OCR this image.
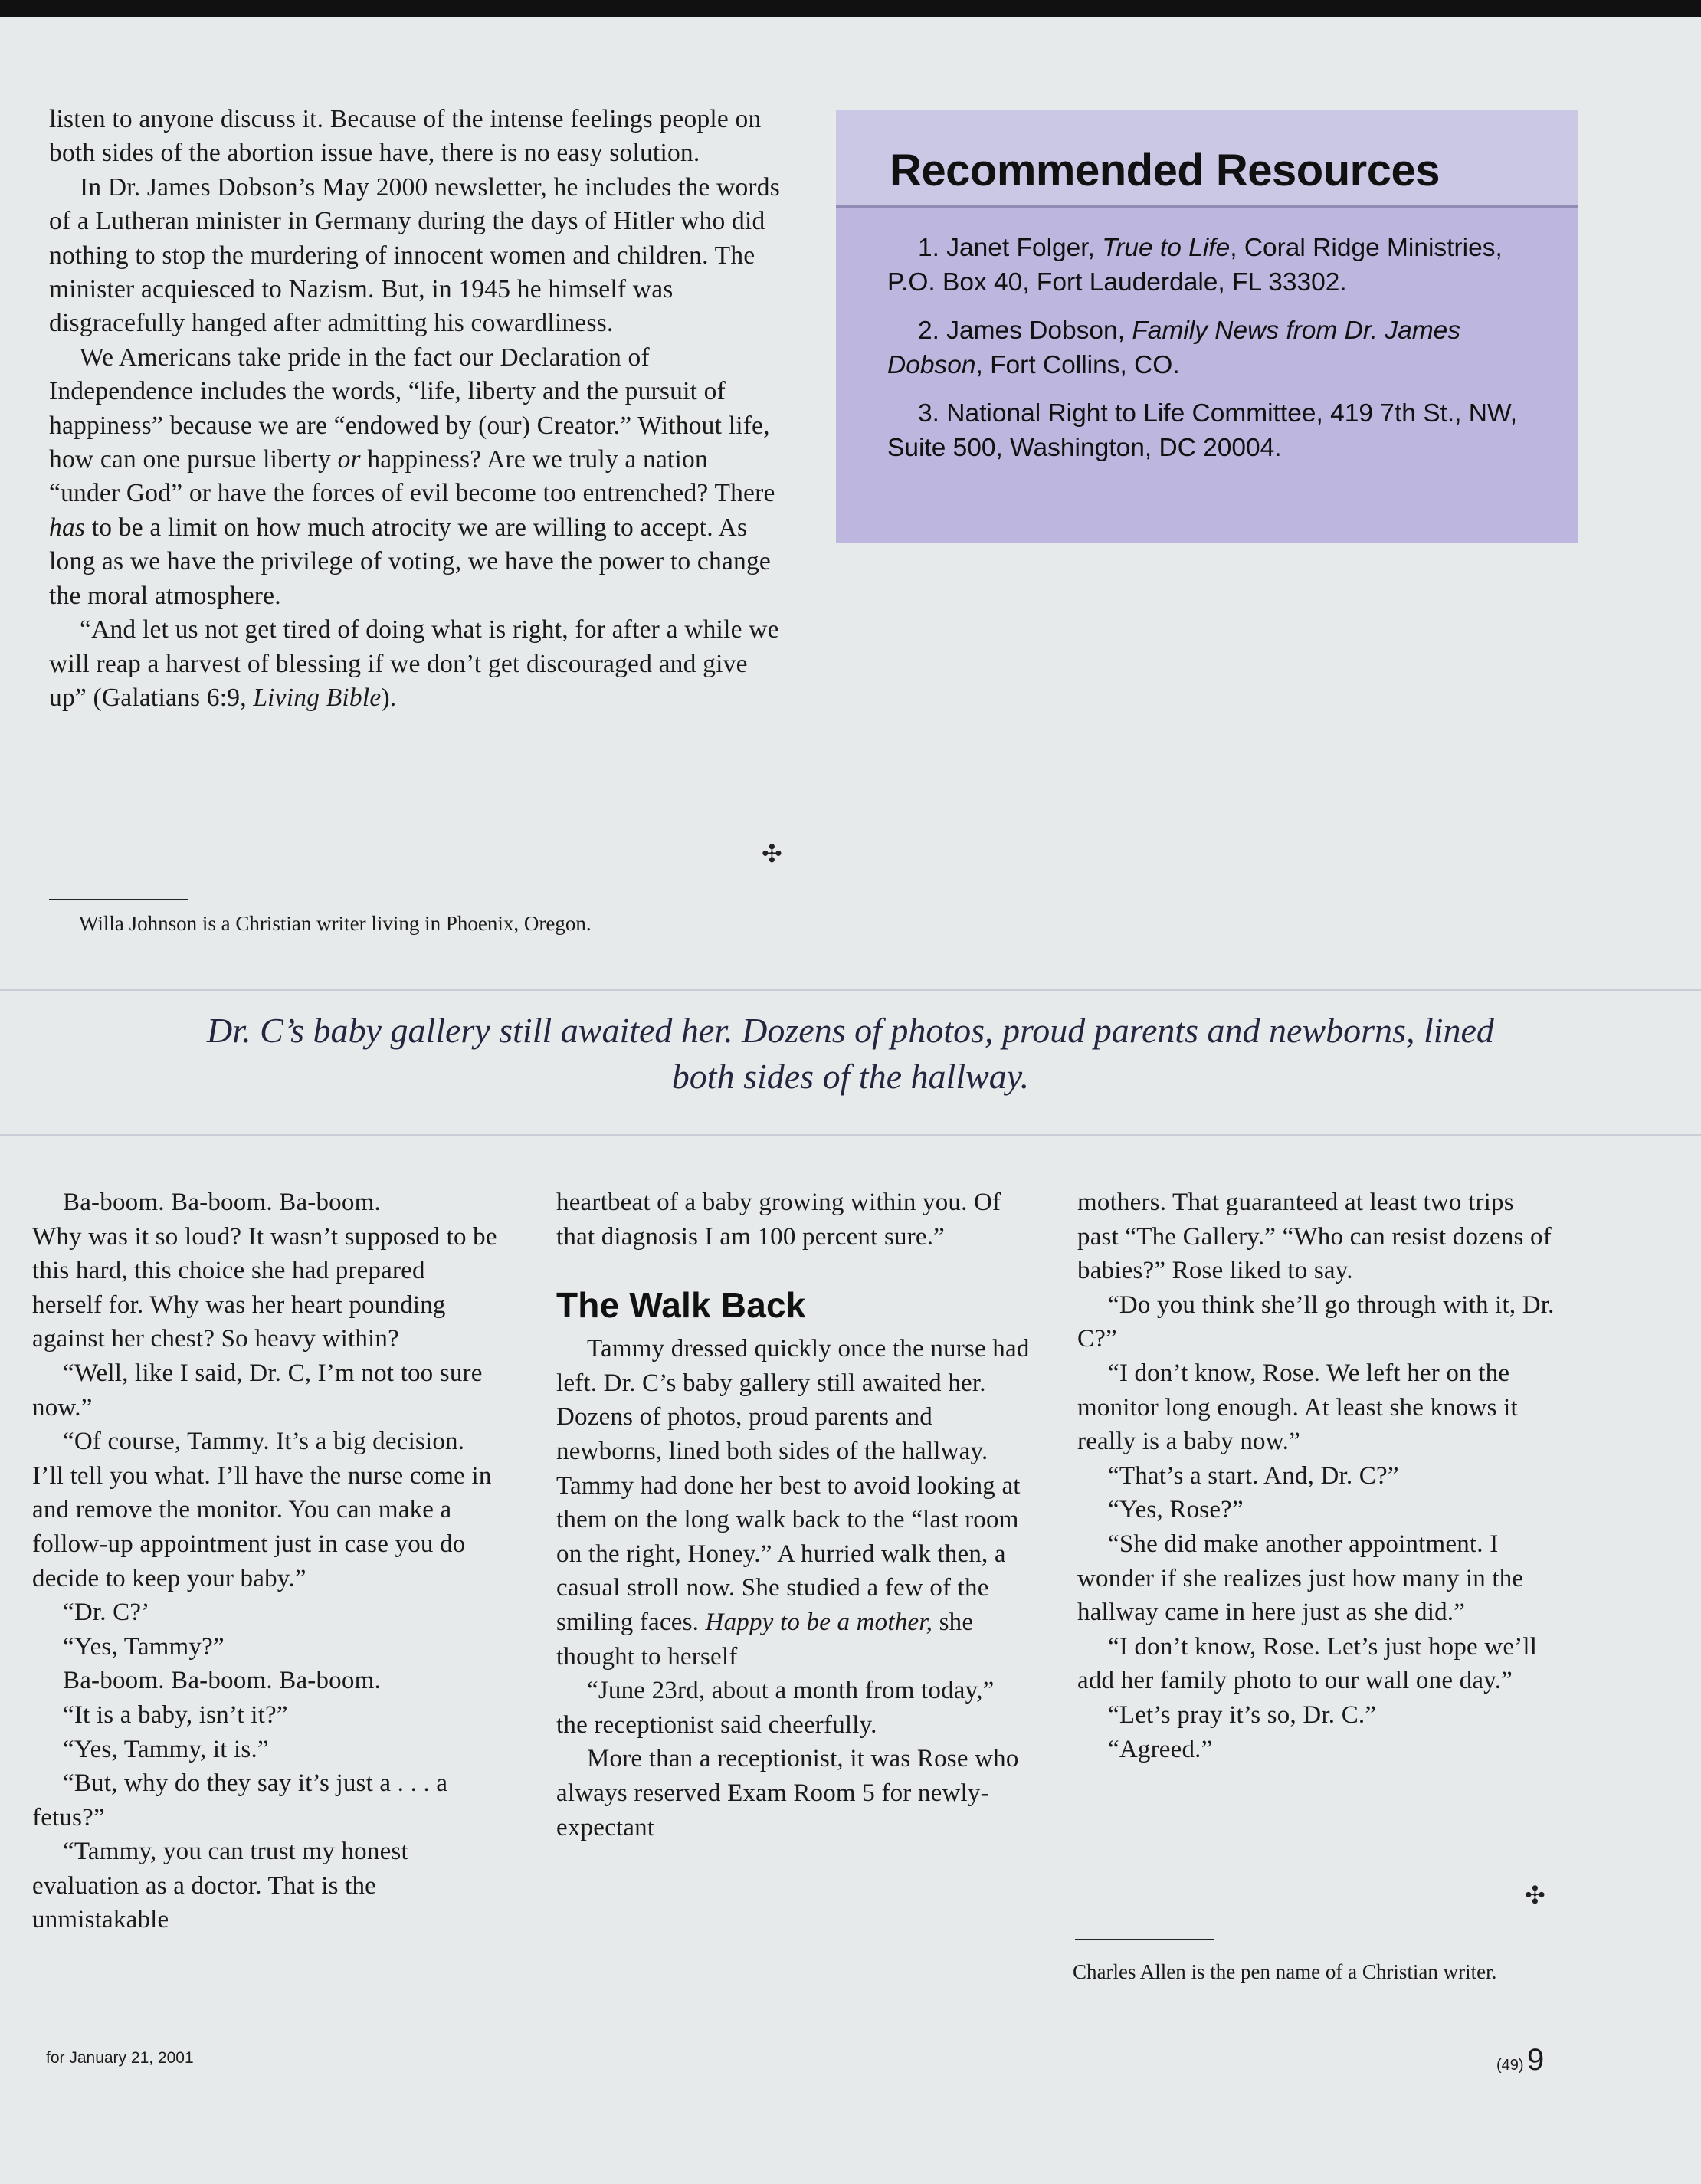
listen to anyone discuss it. Because of the intense feelings people on both sides of the abortion issue have, there is no easy solution.

In Dr. James Dobson’s May 2000 newsletter, he includes the words of a Lutheran minister in Germany during the days of Hitler who did nothing to stop the murdering of innocent women and children. The minister acquiesced to Nazism. But, in 1945 he himself was disgracefully hanged after admitting his cowardliness.

We Americans take pride in the fact our Declaration of Independence includes the words, “life, liberty and the pursuit of happiness” because we are “endowed by (our) Creator.” Without life, how can one pursue liberty or happiness? Are we truly a nation “under God” or have the forces of evil become too entrenched? There has to be a limit on how much atrocity we are willing to accept. As long as we have the privilege of voting, we have the power to change the moral atmosphere.

“And let us not get tired of doing what is right, for after a while we will reap a harvest of blessing if we don’t get discouraged and give up” (Galatians 6:9, Living Bible).

✣
Willa Johnson is a Christian writer living in Phoenix, Oregon.
Recommended Resources
1. Janet Folger, True to Life, Coral Ridge Ministries, P.O. Box 40, Fort Lauderdale, FL 33302.
2. James Dobson, Family News from Dr. James Dobson, Fort Collins, CO.
3. National Right to Life Committee, 419 7th St., NW, Suite 500, Washington, DC 20004.
Dr. C’s baby gallery still awaited her. Dozens of photos, proud parents and newborns, lined both sides of the hallway.

Ba-boom. Ba-boom. Ba-boom.

Why was it so loud? It wasn’t supposed to be this hard, this choice she had prepared herself for. Why was her heart pounding against her chest? So heavy within?

“Well, like I said, Dr. C, I’m not too sure now.”

“Of course, Tammy. It’s a big decision. I’ll tell you what. I’ll have the nurse come in and remove the monitor. You can make a follow-up appointment just in case you do decide to keep your baby.”

“Dr. C?’

“Yes, Tammy?”

Ba-boom. Ba-boom. Ba-boom.

“It is a baby, isn’t it?”

“Yes, Tammy, it is.”

“But, why do they say it’s just a . . . a fetus?”

“Tammy, you can trust my honest evaluation as a doctor. That is the unmistakable

heartbeat of a baby growing within you. Of that diagnosis I am 100 percent sure.”

The Walk Back

Tammy dressed quickly once the nurse had left. Dr. C’s baby gallery still awaited her. Dozens of photos, proud parents and newborns, lined both sides of the hallway. Tammy had done her best to avoid looking at them on the long walk back to the “last room on the right, Honey.” A hurried walk then, a casual stroll now. She studied a few of the smiling faces. Happy to be a mother, she thought to herself

“June 23rd, about a month from today,” the receptionist said cheerfully.

More than a receptionist, it was Rose who always reserved Exam Room 5 for newly-expectant

mothers. That guaranteed at least two trips past “The Gallery.” “Who can resist dozens of babies?” Rose liked to say.

“Do you think she’ll go through with it, Dr. C?”

“I don’t know, Rose. We left her on the monitor long enough. At least she knows it really is a baby now.”

“That’s a start. And, Dr. C?”

“Yes, Rose?”

“She did make another appointment. I wonder if she realizes just how many in the hallway came in here just as she did.”

“I don’t know, Rose. Let’s just hope we’ll add her family photo to our wall one day.”

“Let’s pray it’s so, Dr. C.”

“Agreed.”

✣
Charles Allen is the pen name of a Christian writer.
for January 21, 2001	(49) 9
